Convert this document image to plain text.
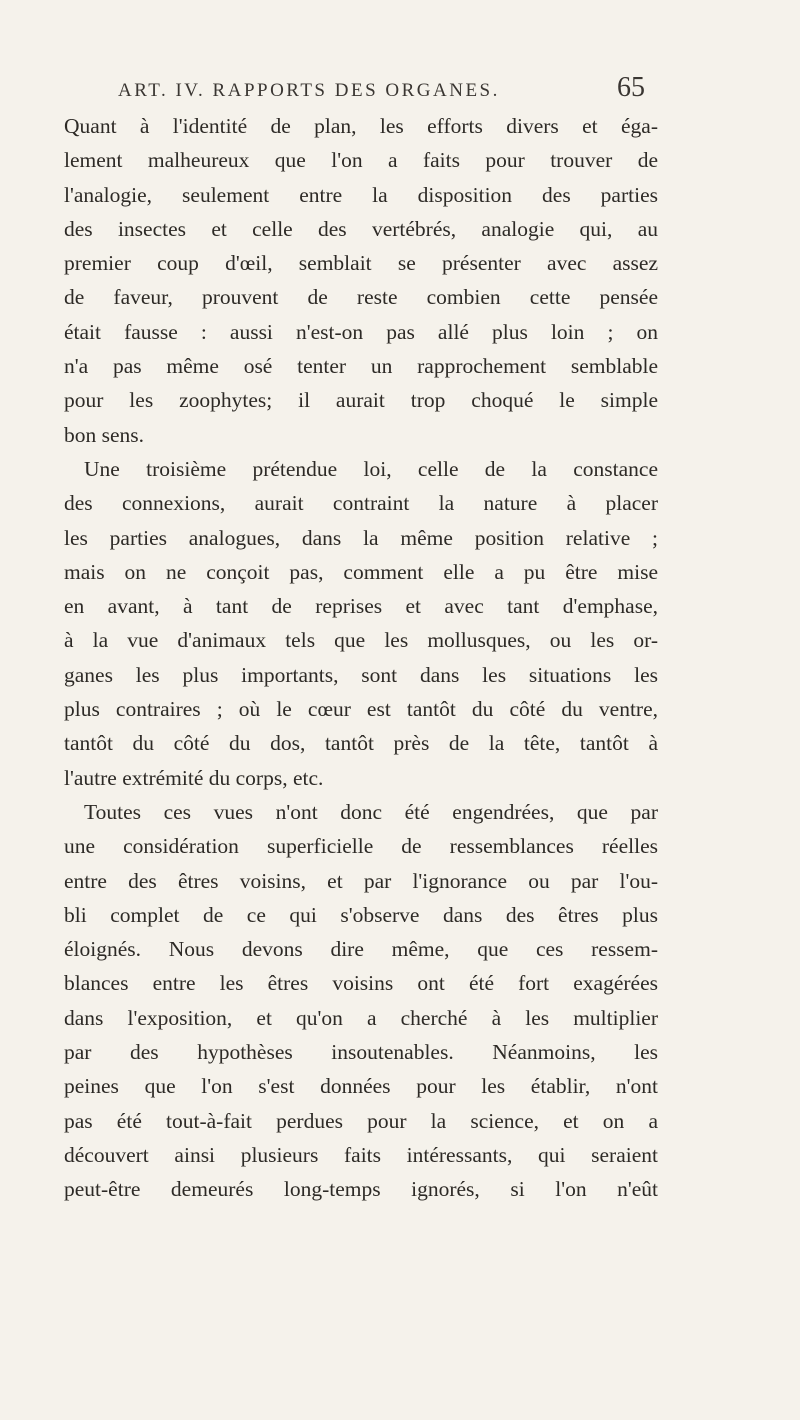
ART. IV. RAPPORTS DES ORGANES.	65
Quant à l'identité de plan, les efforts divers et éga-
lement malheureux que l'on a faits pour trouver de
l'analogie, seulement entre la disposition des parties
des insectes et celle des vertébrés, analogie qui, au
premier coup d'œil, semblait se présenter avec assez
de faveur, prouvent de reste combien cette pensée
était fausse : aussi n'est-on pas allé plus loin ; on
n'a pas même osé tenter un rapprochement semblable
pour les zoophytes; il aurait trop choqué le simple
bon sens.
Une troisième prétendue loi, celle de la constance
des connexions, aurait contraint la nature à placer
les parties analogues, dans la même position relative ;
mais on ne conçoit pas, comment elle a pu être mise
en avant, à tant de reprises et avec tant d'emphase,
à la vue d'animaux tels que les mollusques, ou les or-
ganes les plus importants, sont dans les situations les
plus contraires ; où le cœur est tantôt du côté du ventre,
tantôt du côté du dos, tantôt près de la tête, tantôt à
l'autre extrémité du corps, etc.
Toutes ces vues n'ont donc été engendrées, que par
une considération superficielle de ressemblances réelles
entre des êtres voisins, et par l'ignorance ou par l'ou-
bli complet de ce qui s'observe dans des êtres plus
éloignés. Nous devons dire même, que ces ressem-
blances entre les êtres voisins ont été fort exagérées
dans l'exposition, et qu'on a cherché à les multiplier
par des hypothèses insoutenables. Néanmoins, les
peines que l'on s'est données pour les établir, n'ont
pas été tout-à-fait perdues pour la science, et on a
découvert ainsi plusieurs faits intéressants, qui seraient
peut-être demeurés long-temps ignorés, si l'on n'eût
